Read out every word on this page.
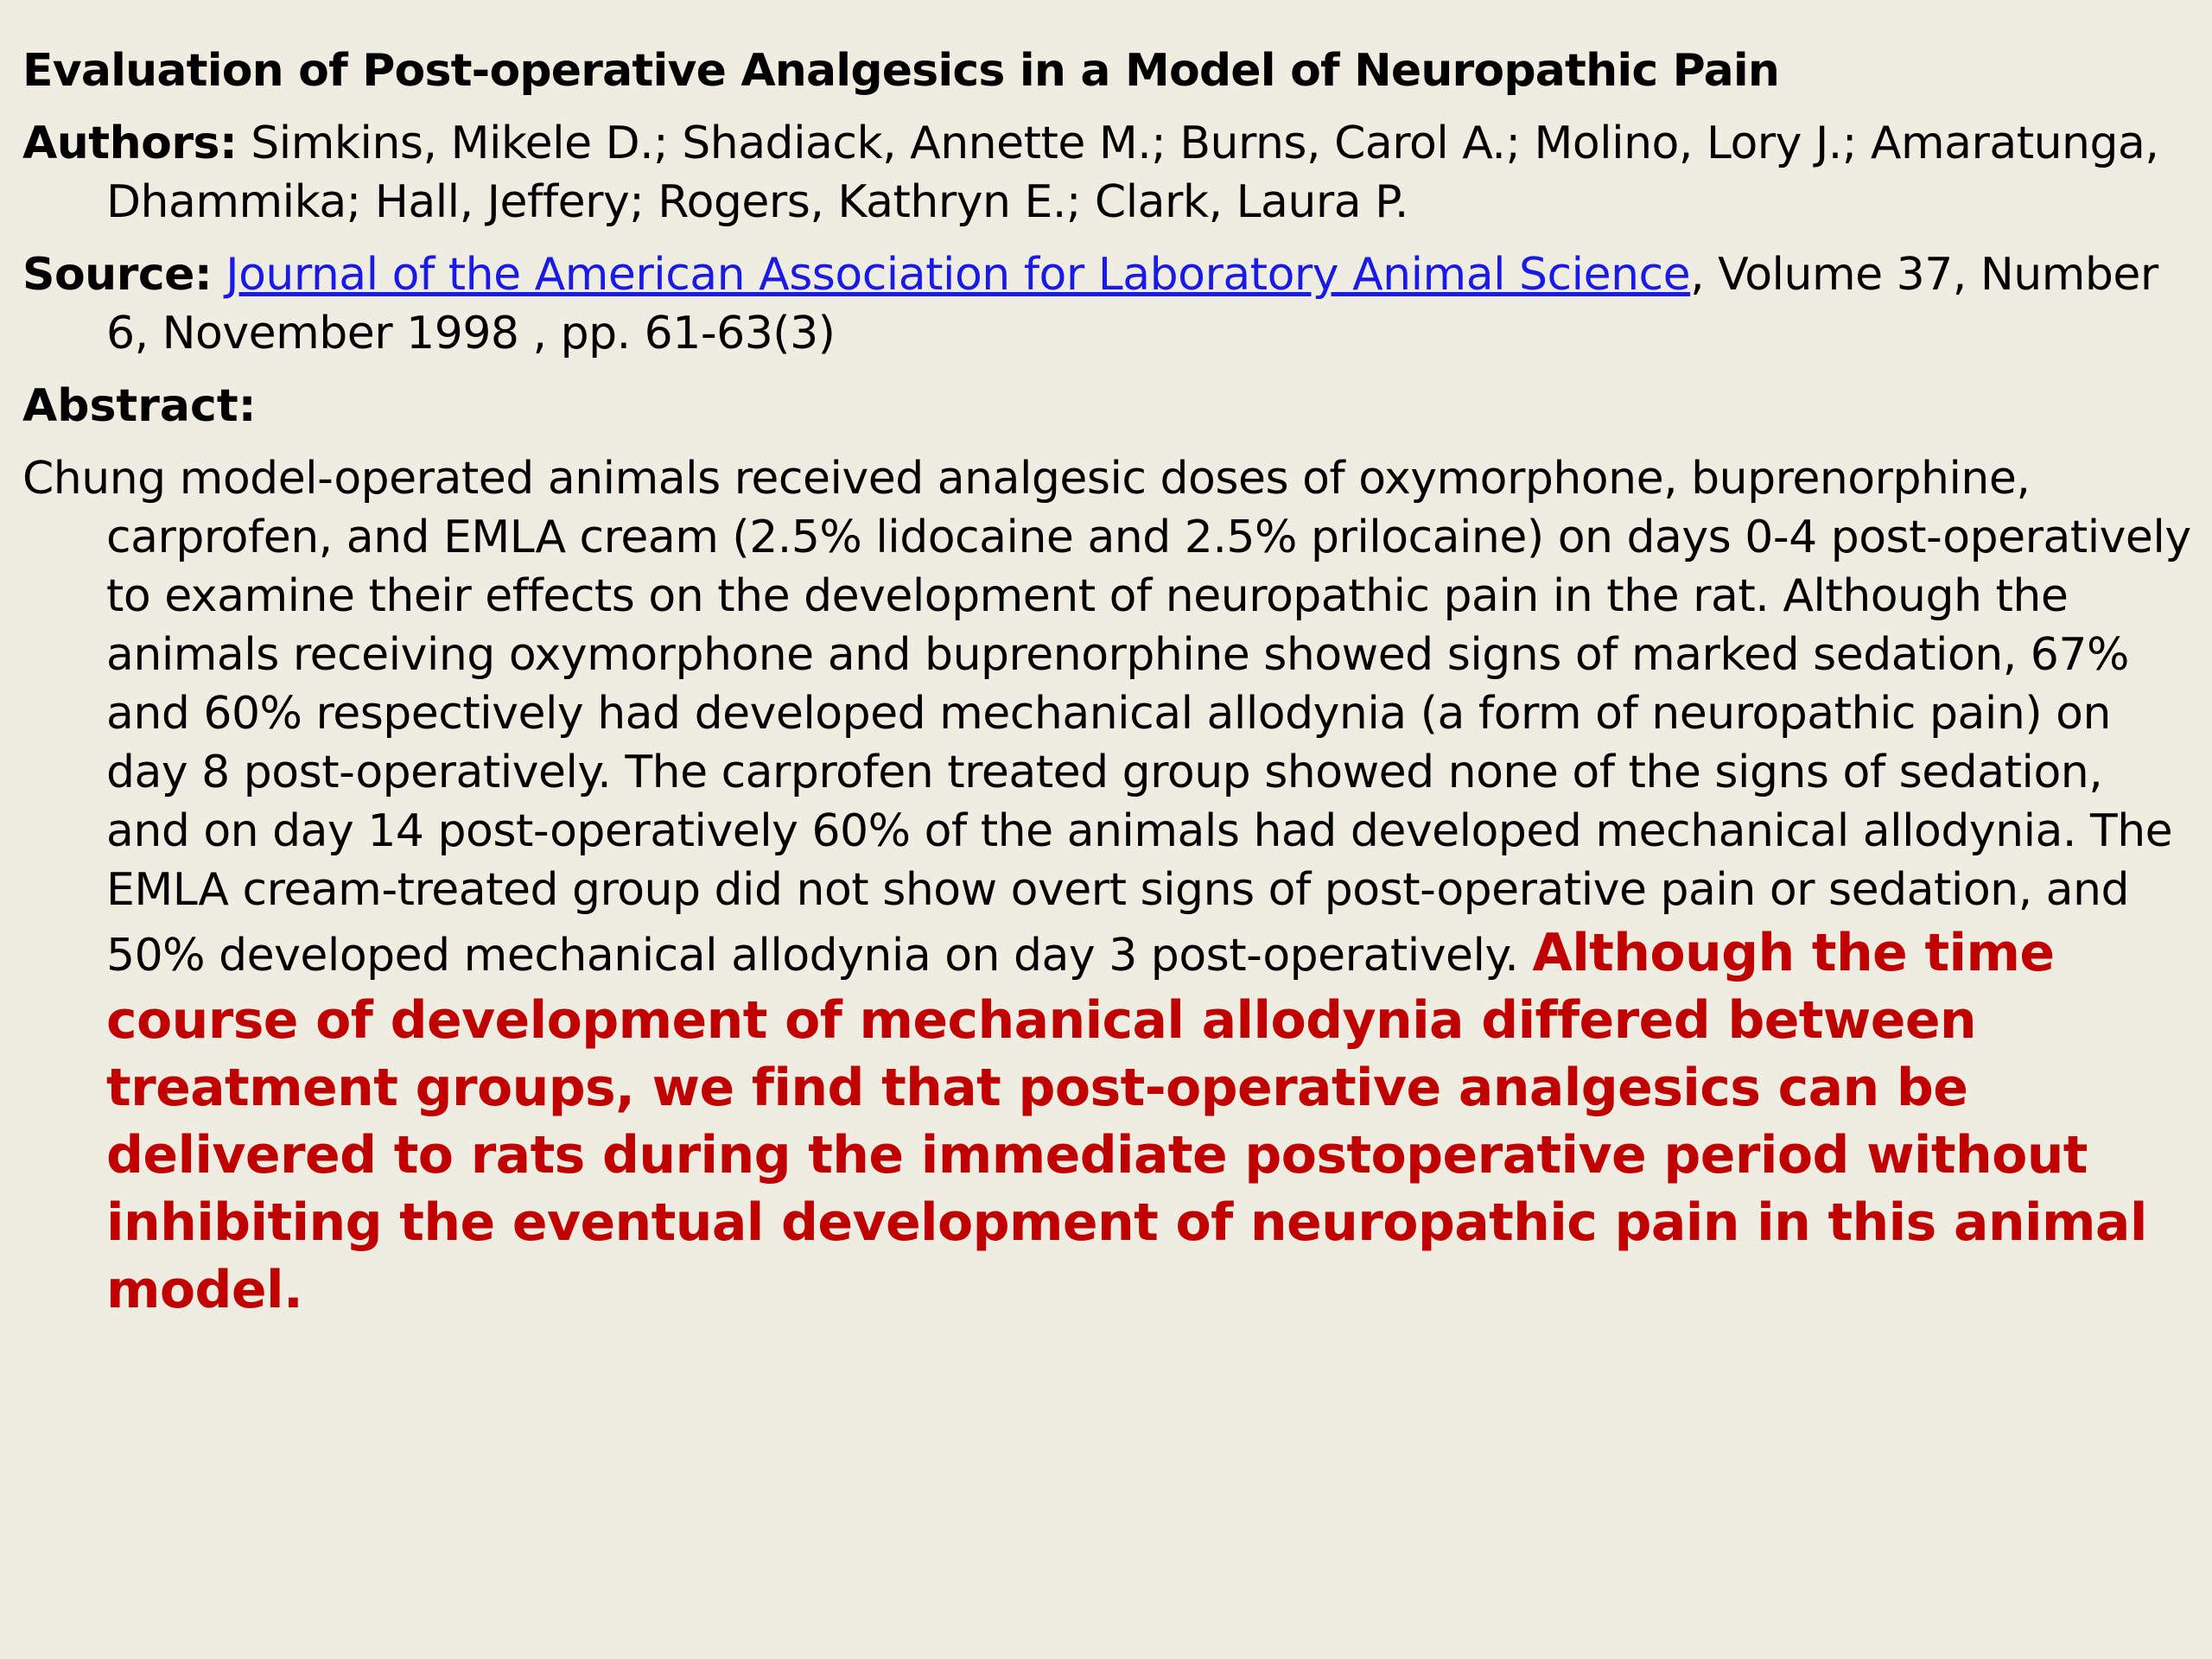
Evaluation of Post-operative Analgesics in a Model of Neuropathic Pain

Authors: Simkins, Mikele D.; Shadiack, Annette M.; Burns, Carol A.; Molino, Lory J.; Amaratunga, Dhammika; Hall, Jeffery; Rogers, Kathryn E.; Clark, Laura P.

Source: Journal of the American Association for Laboratory Animal Science, Volume 37, Number 6, November 1998 , pp. 61-63(3)

Abstract:

Chung model-operated animals received analgesic doses of oxymorphone, buprenorphine, carprofen, and EMLA cream (2.5% lidocaine and 2.5% prilocaine) on days 0-4 post-operatively to examine their effects on the development of neuropathic pain in the rat. Although the animals receiving oxymorphone and buprenorphine showed signs of marked sedation, 67% and 60% respectively had developed mechanical allodynia (a form of neuropathic pain) on day 8 post-operatively. The carprofen treated group showed none of the signs of sedation, and on day 14 post-operatively 60% of the animals had developed mechanical allodynia. The EMLA cream-treated group did not show overt signs of post-operative pain or sedation, and 50% developed mechanical allodynia on day 3 post-operatively. Although the time course of development of mechanical allodynia differed between treatment groups, we find that post-operative analgesics can be delivered to rats during the immediate postoperative period without inhibiting the eventual development of neuropathic pain in this animal model.
